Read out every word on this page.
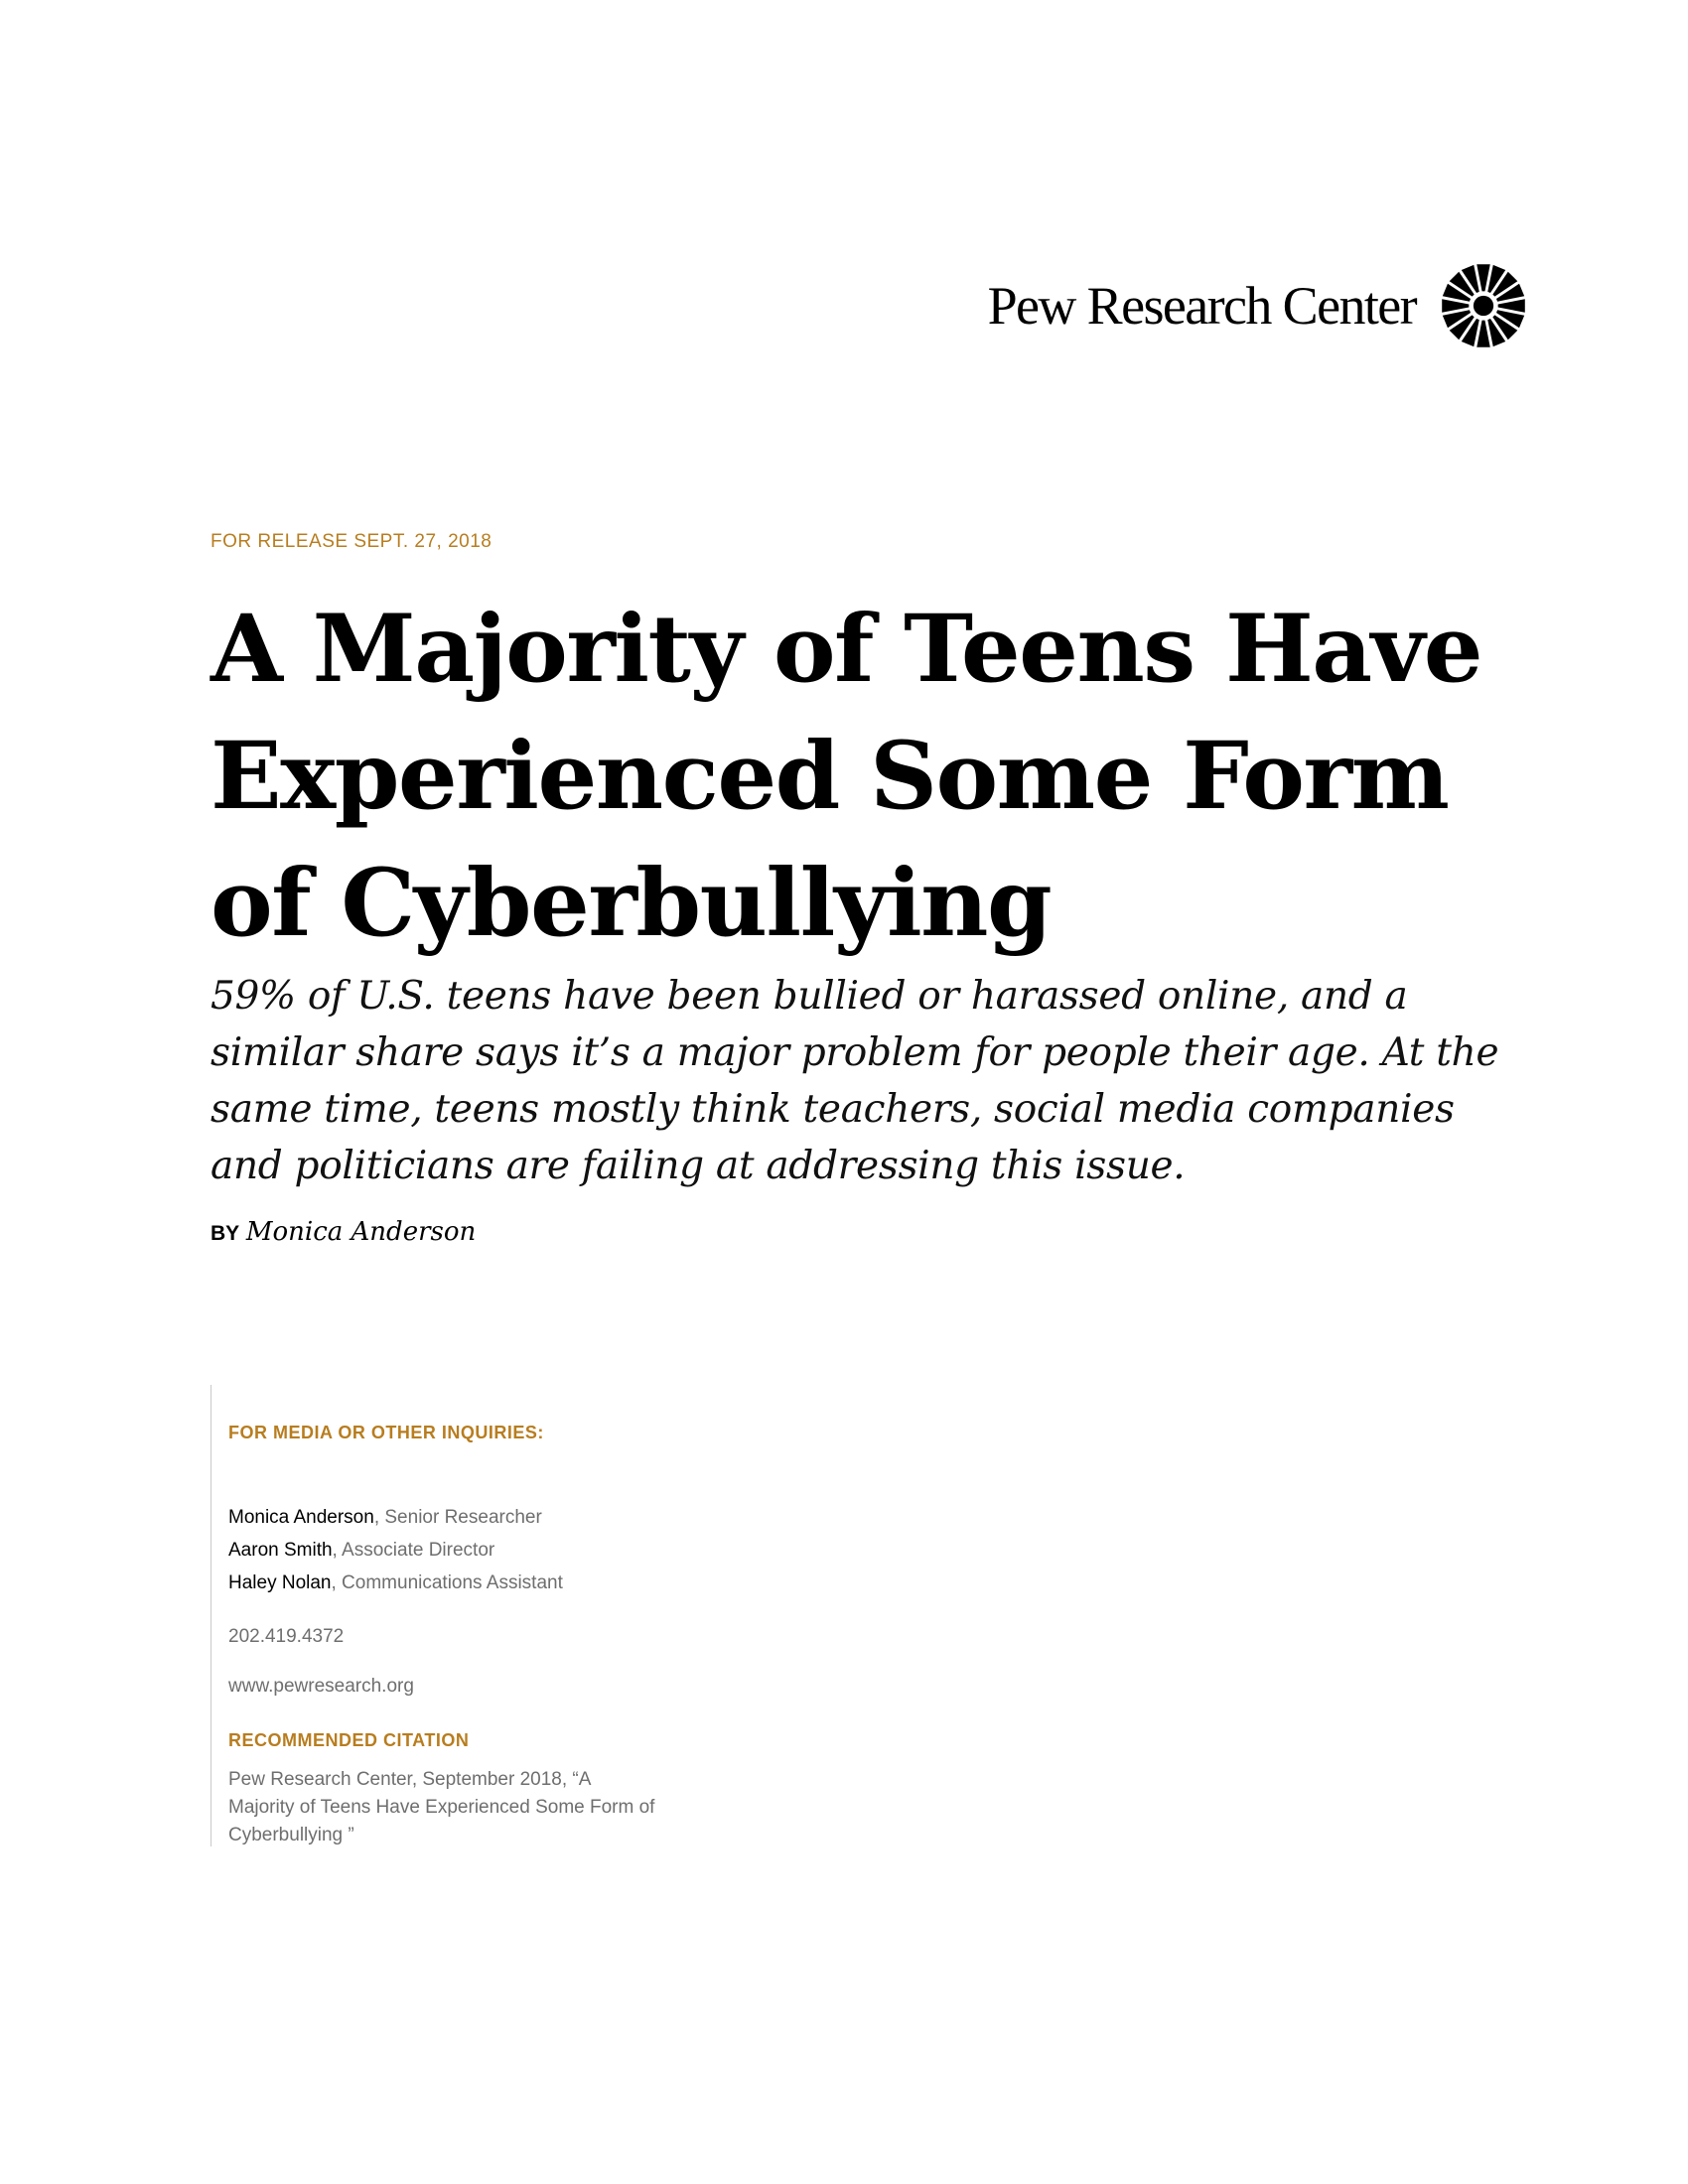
Pew Research Center
FOR RELEASE SEPT. 27, 2018
A Majority of Teens Have
Experienced Some Form
of Cyberbullying

59% of U.S. teens have been bullied or harassed online, and a
similar share says it’s a major problem for people their age. At the
same time, teens mostly think teachers, social media companies
and politicians are failing at addressing this issue.

BY Monica Anderson
FOR MEDIA OR OTHER INQUIRIES:
Monica Anderson, Senior Researcher
Aaron Smith, Associate Director
Haley Nolan, Communications Assistant
202.419.4372
www.pewresearch.org
RECOMMENDED CITATION

Pew Research Center, September 2018, “A
Majority of Teens Have Experienced Some Form of
Cyberbullying ”
